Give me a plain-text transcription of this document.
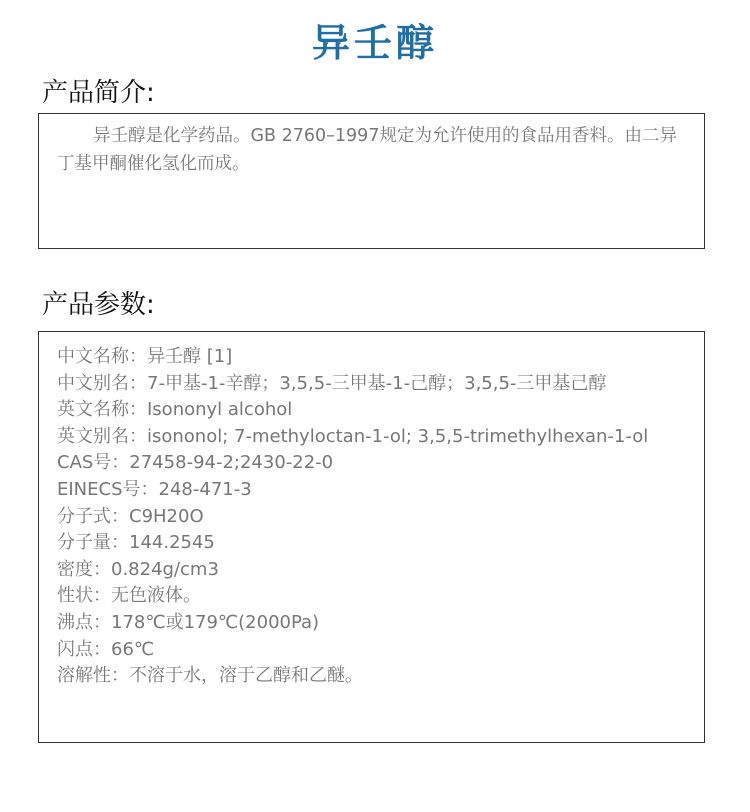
异壬醇
产品简介:

异壬醇是化学药品。GB 2760–1997规定为允许使用的食品用香料。由二异丁基甲酮催化氢化而成。

产品参数:
中文名称：异壬醇 [1]
中文别名：7-甲基-1-辛醇；3,5,5-三甲基-1-己醇；3,5,5-三甲基己醇
英文名称：Isononyl alcohol
英文别名：isononol; 7-methyloctan-1-ol; 3,5,5-trimethylhexan-1-ol
CAS号：27458-94-2;2430-22-0
EINECS号：248-471-3
分子式：C9H20O
分子量：144.2545
密度：0.824g/cm3
性状：无色液体。
沸点：178℃或179℃(2000Pa)
闪点：66℃
溶解性：不溶于水，溶于乙醇和乙醚。
